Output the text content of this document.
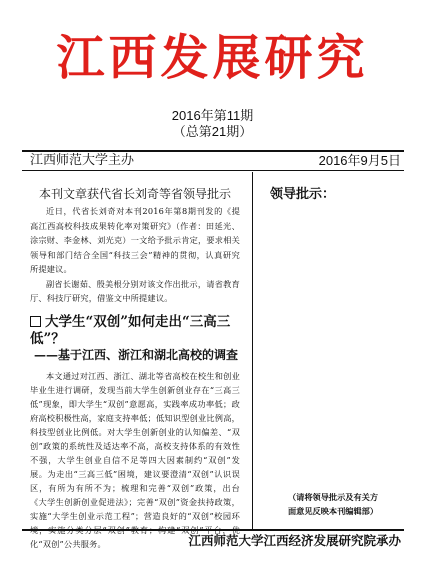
江西发展研究
2016年第11期
（总第21期）
江西师范大学主办	2016年9月5日
本刊文章获代省长刘奇等省领导批示

近日，代省长刘奇对本刊2016年第8期刊发的《提高江西高校科技成果转化率对策研究》（作者：田延光、涂宗财、李金林、刘光克）一文给予批示肯定，要求相关领导和部门结合全国“科技三会”精神的贯彻，认真研究所提建议。

副省长谢茹、殷美根分别对该文作出批示，请省教育厅、科技厅研究，借鉴文中所提建议。

大学生“双创”如何走出“三高三低”？
——基于江西、浙江和湖北高校的调查

本文通过对江西、浙江、湖北等省高校在校生和创业毕业生进行调研，发现当前大学生创新创业存在“三高三低”现象，即大学生“双创”意愿高，实践率成功率低；政府高校积极性高，家庭支持率低；低知识型创业比例高，科技型创业比例低。对大学生创新创业的认知偏差、“双创”政策的系统性及适达率不高，高校支持体系的有效性不强，大学生创业自信不足等四大因素制约“双创”发展。为走出“三高三低”困境，建议要澄清“双创”认识误区，有所为有所不为；梳理和完善“双创”政策，出台《大学生创新创业促进法》；完善“双创”资金扶持政策，实施“大学生创业示范工程”；营造良好的“双创”校园环 化“双创”公共服务。

领导批示：
（请将领导批示及有关方
面意见反映本刊编辑部）
江西师范大学江西经济发展研究院承办
